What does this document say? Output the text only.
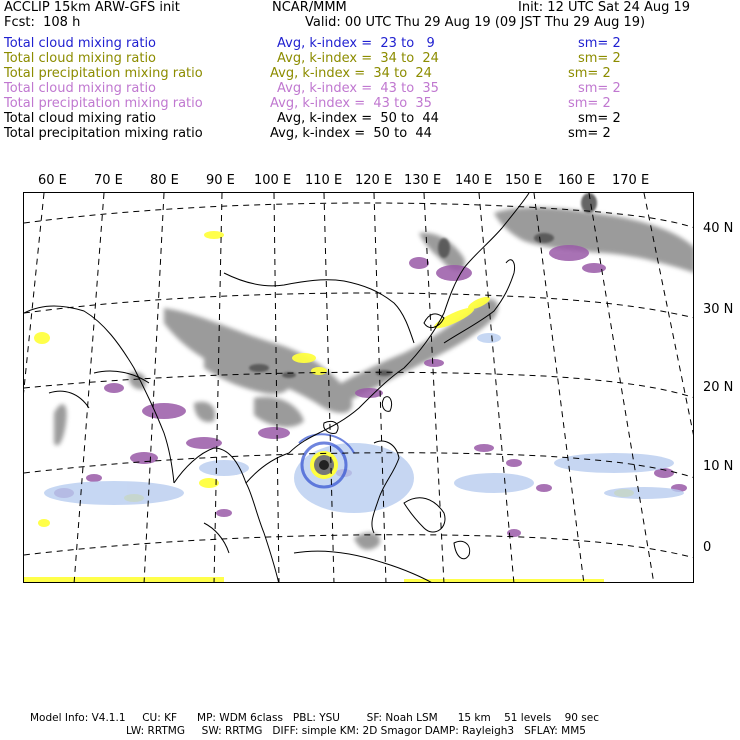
ACCLIP 15km ARW-GFS init	NCAR/MMM	Init: 12 UTC Sat 24 Aug 19
Fcst:  108 h	Valid: 00 UTC Thu 29 Aug 19 (09 JST Thu 29 Aug 19)
Total cloud mixing ratio	Avg, k-index =  23 to   9	sm= 2
Total cloud mixing ratio	Avg, k-index =  34 to  24	sm= 2
Total precipitation mixing ratio	Avg, k-index =  34 to  24	sm= 2
Total cloud mixing ratio	Avg, k-index =  43 to  35	sm= 2
Total precipitation mixing ratio	Avg, k-index =  43 to  35	sm= 2
Total cloud mixing ratio	Avg, k-index =  50 to  44	sm= 2
Total precipitation mixing ratio	Avg, k-index =  50 to  44	sm= 2
60 E 70 E 80 E 90 E 100 E 110 E 120 E 130 E 140 E 150 E 160 E 170 E
40 N
30 N
20 N
10 N
0
Model Info: V4.1.1     CU: KF      MP: WDM 6class   PBL: YSU        SF: Noah LSM      15 km    51 levels    90 sec
LW: RRTMG     SW: RRTMG   DIFF: simple KM: 2D Smagor DAMP: Rayleigh3   SFLAY: MM5
